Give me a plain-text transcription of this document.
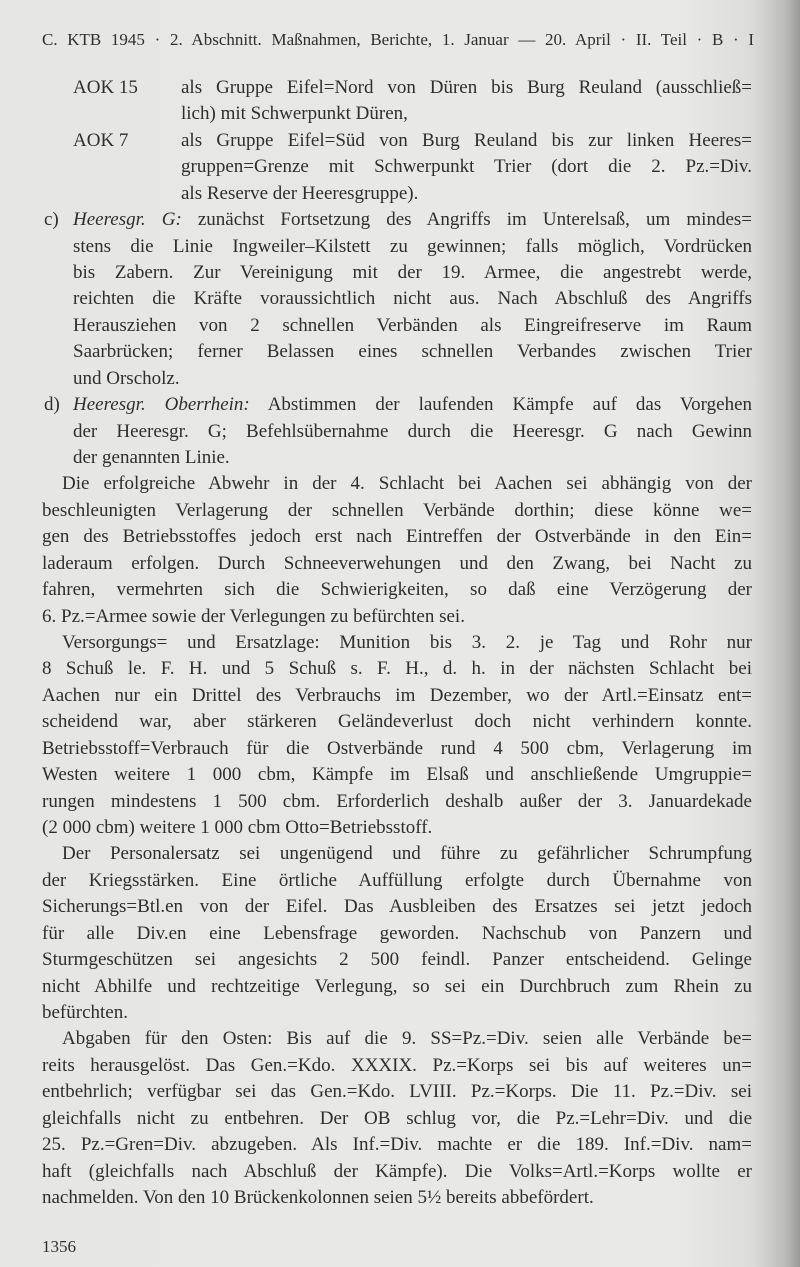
C. KTB 1945 · 2. Abschnitt. Maßnahmen, Berichte, 1. Januar — 20. April · II. Teil · B · I
als Gruppe Eifel=Nord von Düren bis Burg Reuland (ausschließ=
AOK 15
lich) mit Schwerpunkt Düren,
als Gruppe Eifel=Süd von Burg Reuland bis zur linken Heeres=
AOK 7
gruppen=Grenze mit Schwerpunkt Trier (dort die 2. Pz.=Div.
als Reserve der Heeresgruppe).
Heeresgr. G: zunächst Fortsetzung des Angriffs im Unterelsaß, um mindes=
c)
stens die Linie Ingweiler–Kilstett zu gewinnen; falls möglich, Vordrücken
bis Zabern. Zur Vereinigung mit der 19. Armee, die angestrebt werde,
reichten die Kräfte voraussichtlich nicht aus. Nach Abschluß des Angriffs
Herausziehen von 2 schnellen Verbänden als Eingreifreserve im Raum
Saarbrücken; ferner Belassen eines schnellen Verbandes zwischen Trier
und Orscholz.
Heeresgr. Oberrhein: Abstimmen der laufenden Kämpfe auf das Vorgehen
d)
der Heeresgr. G; Befehlsübernahme durch die Heeresgr. G nach Gewinn
der genannten Linie.
Die erfolgreiche Abwehr in der 4. Schlacht bei Aachen sei abhängig von der
beschleunigten Verlagerung der schnellen Verbände dorthin; diese könne we=
gen des Betriebsstoffes jedoch erst nach Eintreffen der Ostverbände in den Ein=
laderaum erfolgen. Durch Schneeverwehungen und den Zwang, bei Nacht zu
fahren, vermehrten sich die Schwierigkeiten, so daß eine Verzögerung der
6. Pz.=Armee sowie der Verlegungen zu befürchten sei.
Versorgungs= und Ersatzlage: Munition bis 3. 2. je Tag und Rohr nur
8 Schuß le. F. H. und 5 Schuß s. F. H., d. h. in der nächsten Schlacht bei
Aachen nur ein Drittel des Verbrauchs im Dezember, wo der Artl.=Einsatz ent=
scheidend war, aber stärkeren Geländeverlust doch nicht verhindern konnte.
Betriebsstoff=Verbrauch für die Ostverbände rund 4 500 cbm, Verlagerung im
Westen weitere 1 000 cbm, Kämpfe im Elsaß und anschließende Umgruppie=
rungen mindestens 1 500 cbm. Erforderlich deshalb außer der 3. Januardekade
(2 000 cbm) weitere 1 000 cbm Otto=Betriebsstoff.
Der Personalersatz sei ungenügend und führe zu gefährlicher Schrumpfung
der Kriegsstärken. Eine örtliche Auffüllung erfolgte durch Übernahme von
Sicherungs=Btl.en von der Eifel. Das Ausbleiben des Ersatzes sei jetzt jedoch
für alle Div.en eine Lebensfrage geworden. Nachschub von Panzern und
Sturmgeschützen sei angesichts 2 500 feindl. Panzer entscheidend. Gelinge
nicht Abhilfe und rechtzeitige Verlegung, so sei ein Durchbruch zum Rhein zu
befürchten.
Abgaben für den Osten: Bis auf die 9. SS=Pz.=Div. seien alle Verbände be=
reits herausgelöst. Das Gen.=Kdo. XXXIX. Pz.=Korps sei bis auf weiteres un=
entbehrlich; verfügbar sei das Gen.=Kdo. LVIII. Pz.=Korps. Die 11. Pz.=Div. sei
gleichfalls nicht zu entbehren. Der OB schlug vor, die Pz.=Lehr=Div. und die
25. Pz.=Gren=Div. abzugeben. Als Inf.=Div. machte er die 189. Inf.=Div. nam=
haft (gleichfalls nach Abschluß der Kämpfe). Die Volks=Artl.=Korps wollte er
nachmelden. Von den 10 Brückenkolonnen seien 5½ bereits abbefördert.
1356
